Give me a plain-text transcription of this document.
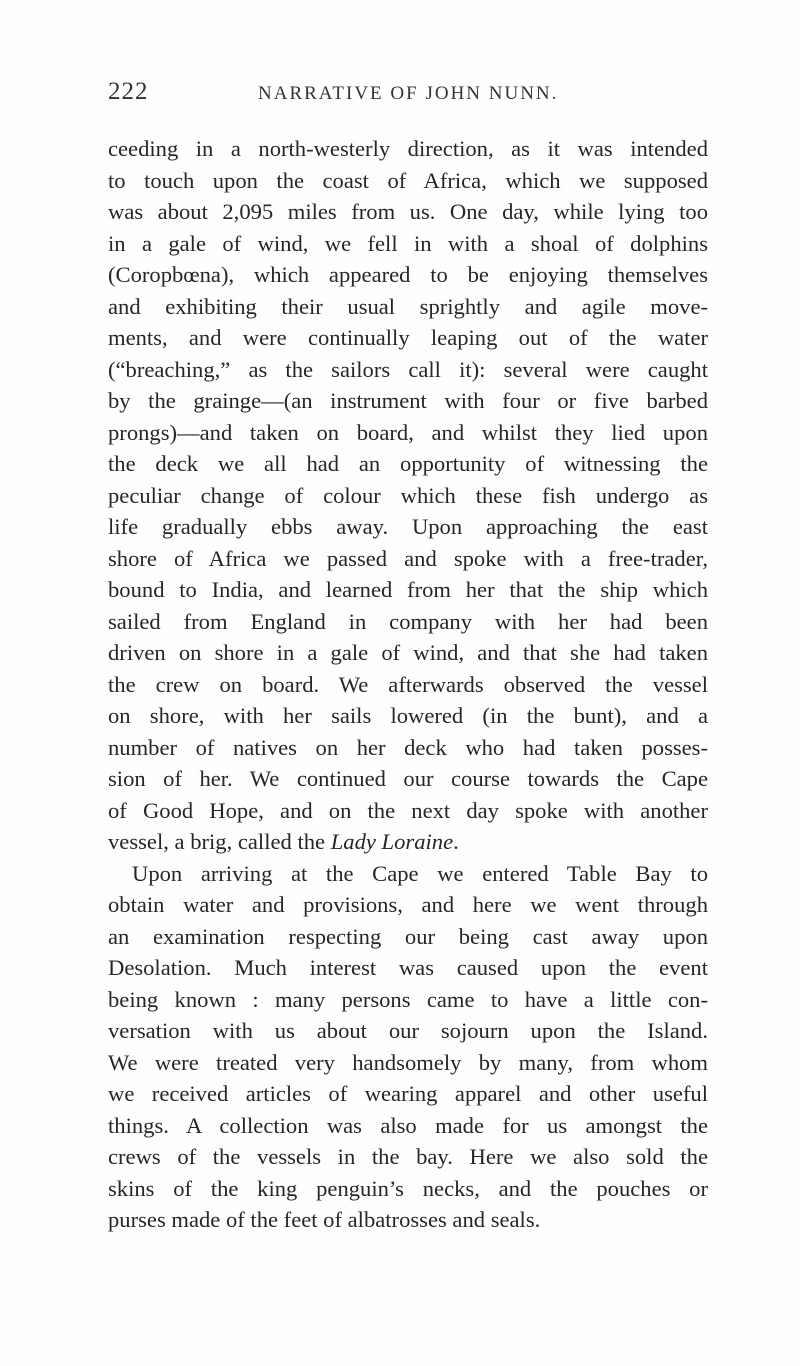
222	NARRATIVE OF JOHN NUNN.
ceeding in a north-westerly direction, as it was intended
to touch upon the coast of Africa, which we supposed
was about 2,095 miles from us. One day, while lying too
in a gale of wind, we fell in with a shoal of dolphins
(Coropbœna), which appeared to be enjoying themselves
and exhibiting their usual sprightly and agile move-
ments, and were continually leaping out of the water
(“breaching,” as the sailors call it): several were caught
by the grainge—(an instrument with four or five barbed
prongs)—and taken on board, and whilst they lied upon
the deck we all had an opportunity of witnessing the
peculiar change of colour which these fish undergo as
life gradually ebbs away. Upon approaching the east
shore of Africa we passed and spoke with a free-trader,
bound to India, and learned from her that the ship which
sailed from England in company with her had been
driven on shore in a gale of wind, and that she had taken
the crew on board. We afterwards observed the vessel
on shore, with her sails lowered (in the bunt), and a
number of natives on her deck who had taken posses-
sion of her. We continued our course towards the Cape
of Good Hope, and on the next day spoke with another
vessel, a brig, called the Lady Loraine.
Upon arriving at the Cape we entered Table Bay to
obtain water and provisions, and here we went through
an examination respecting our being cast away upon
Desolation. Much interest was caused upon the event
being known : many persons came to have a little con-
versation with us about our sojourn upon the Island.
We were treated very handsomely by many, from whom
we received articles of wearing apparel and other useful
things. A collection was also made for us amongst the
crews of the vessels in the bay. Here we also sold the
skins of the king penguin’s necks, and the pouches or
purses made of the feet of albatrosses and seals.
